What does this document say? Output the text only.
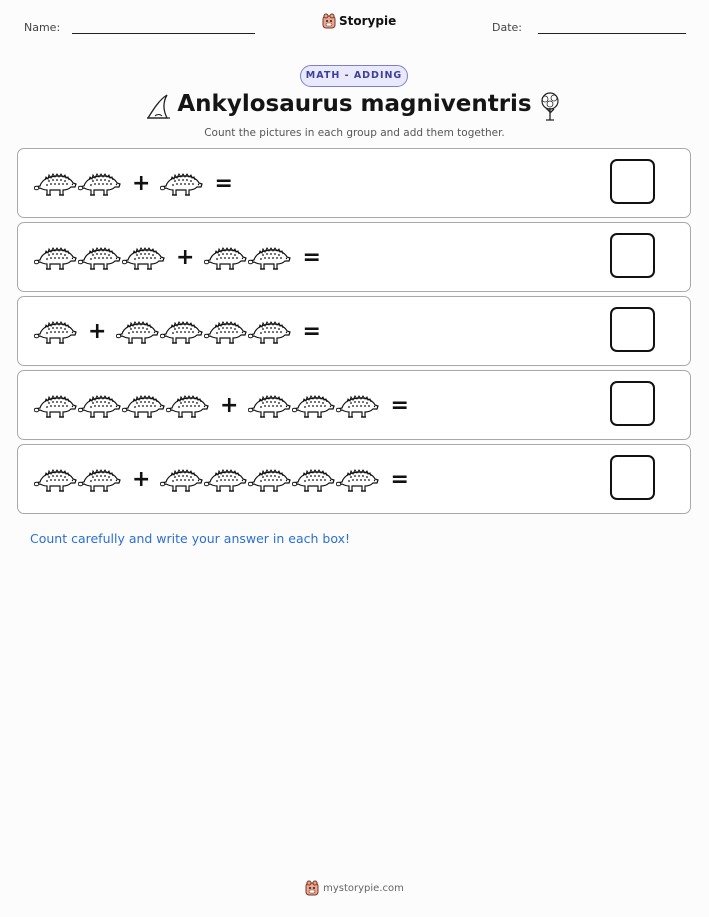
Name:	Storypie	Date:
MATH - ADDING
Ankylosaurus magniventris
Count the pictures in each group and add them together.
+	=
+	=
+	=
+	=
+	=
Count carefully and write your answer in each box!
mystorypie.com
